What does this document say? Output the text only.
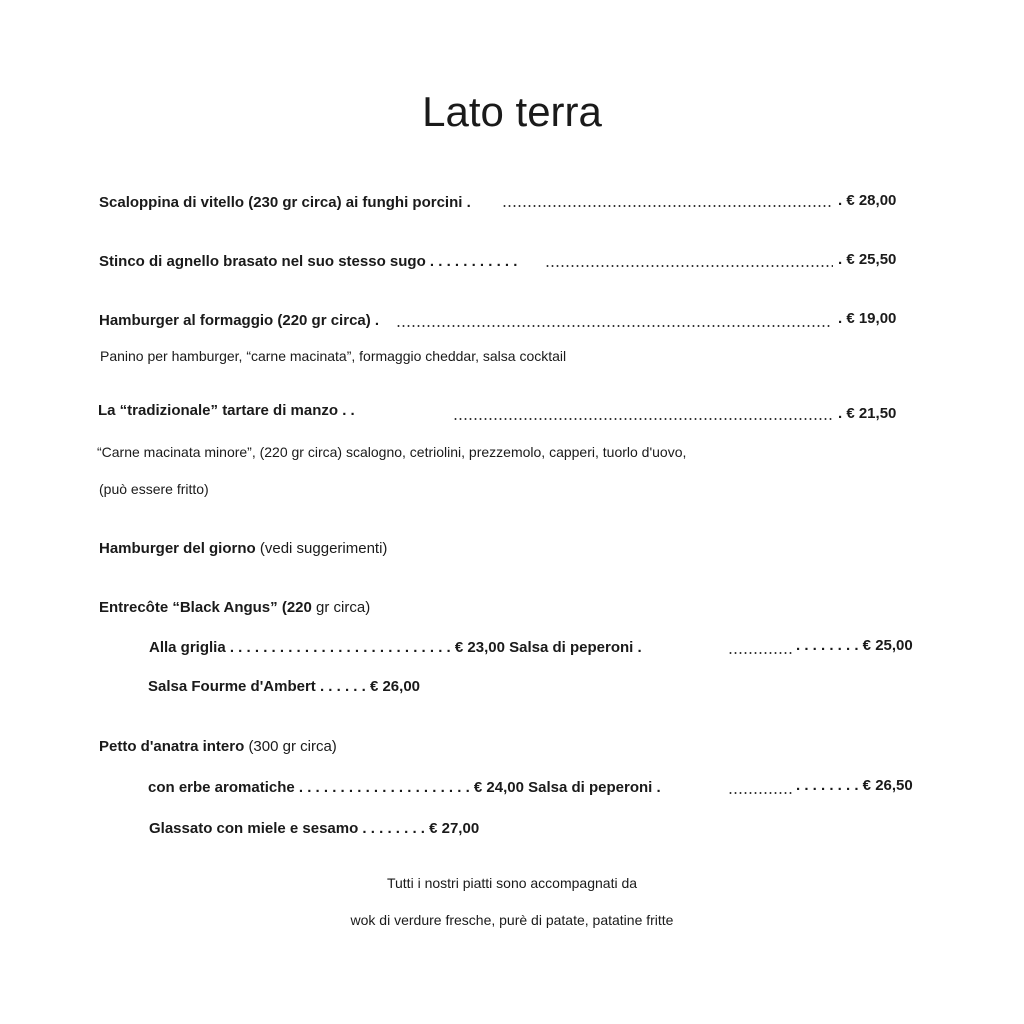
Lato terra
Scaloppina di vitello (230 gr circa) ai funghi porcini .	. € 28,00
Stinco di agnello brasato nel suo stesso sugo . . . . . . . . . . .	. € 25,50
Hamburger al formaggio (220 gr circa) .	. € 19,00
Panino per hamburger, “carne macinata”, formaggio cheddar, salsa cocktail
La “tradizionale” tartare di manzo . .	. € 21,50
“Carne macinata minore”, (220 gr circa) scalogno, cetriolini, prezzemolo, capperi, tuorlo d'uovo,
(può essere fritto)
Hamburger del giorno (vedi suggerimenti)
Entrecôte “Black Angus” (220 gr circa)
Alla griglia . . . . . . . . . . . . . . . . . . . . . . . . . . . € 23,00 Salsa di peperoni .	. . . . . . . . € 25,00
Salsa Fourme d'Ambert . . . . . . € 26,00
Petto d'anatra intero (300 gr circa)
con erbe aromatiche . . . . . . . . . . . . . . . . . . . . . € 24,00 Salsa di peperoni .	. . . . . . . . € 26,50
Glassato con miele e sesamo . . . . . . . . € 27,00
Tutti i nostri piatti sono accompagnati da
wok di verdure fresche, purè di patate, patatine fritte
